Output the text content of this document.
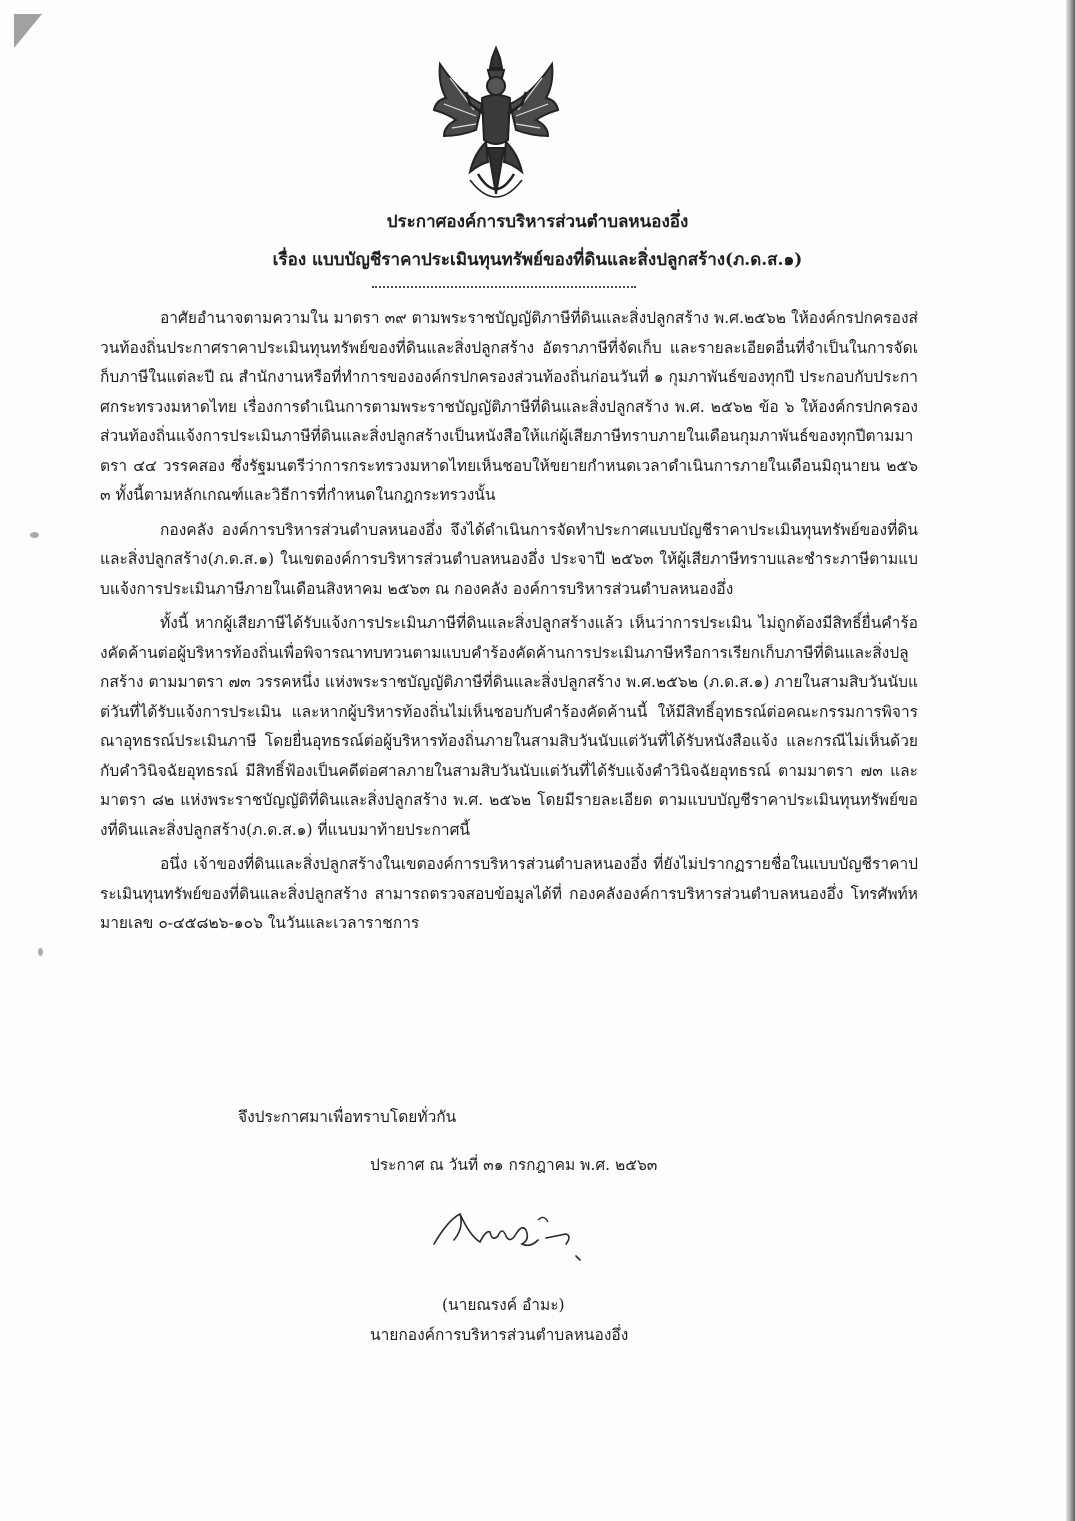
ประกาศองค์การบริหารส่วนตำบลหนองอึ่ง
เรื่อง แบบบัญชีราคาประเมินทุนทรัพย์ของที่ดินและสิ่งปลูกสร้าง(ภ.ด.ส.๑)

อาศัยอำนาจตามความใน มาตรา ๓๙ ตามพระราชบัญญัติภาษีที่ดินและสิ่งปลูกสร้าง พ.ศ.๒๕๖๒ ให้องค์กรปกครองส่วนท้องถิ่นประกาศราคาประเมินทุนทรัพย์ของที่ดินและสิ่งปลูกสร้าง อัตราภาษีที่จัดเก็บ และรายละเอียดอื่นที่จำเป็นในการจัดเก็บภาษีในแต่ละปี ณ สำนักงานหรือที่ทำการขององค์กรปกครองส่วนท้องถิ่นก่อนวันที่ ๑ กุมภาพันธ์ของทุกปี ประกอบกับประกาศกระทรวงมหาดไทย เรื่องการดำเนินการตามพระราชบัญญัติภาษีที่ดินและสิ่งปลูกสร้าง พ.ศ. ๒๕๖๒ ข้อ ๖ ให้องค์กรปกครองส่วนท้องถิ่นแจ้งการประเมินภาษีที่ดินและสิ่งปลูกสร้างเป็นหนังสือให้แก่ผู้เสียภาษีทราบภายในเดือนกุมภาพันธ์ของทุกปีตามมาตรา ๔๔ วรรคสอง ซึ่งรัฐมนตรีว่าการกระทรวงมหาดไทยเห็นชอบให้ขยายกำหนดเวลาดำเนินการภายในเดือนมิถุนายน ๒๕๖๓ ทั้งนี้ตามหลักเกณฑ์และวิธีการที่กำหนดในกฎกระทรวงนั้น

กองคลัง องค์การบริหารส่วนตำบลหนองอึ่ง จึงได้ดำเนินการจัดทำประกาศแบบบัญชีราคาประเมินทุนทรัพย์ของที่ดินและสิ่งปลูกสร้าง(ภ.ด.ส.๑) ในเขตองค์การบริหารส่วนตำบลหนองอึ่ง ประจาปี ๒๕๖๓ ให้ผู้เสียภาษีทราบและชำระภาษีตามแบบแจ้งการประเมินภาษีภายในเดือนสิงหาคม ๒๕๖๓ ณ กองคลัง องค์การบริหารส่วนตำบลหนองอึ่ง

ทั้งนี้ หากผู้เสียภาษีได้รับแจ้งการประเมินภาษีที่ดินและสิ่งปลูกสร้างแล้ว เห็นว่าการประเมิน ไม่ถูกต้องมีสิทธิ์ยื่นคำร้องคัดค้านต่อผู้บริหารท้องถิ่นเพื่อพิจารณาทบทวนตามแบบคำร้องคัดค้านการประเมินภาษีหรือการเรียกเก็บภาษีที่ดินและสิ่งปลูกสร้าง ตามมาตรา ๗๓ วรรคหนึ่ง แห่งพระราชบัญญัติภาษีที่ดินและสิ่งปลูกสร้าง พ.ศ.๒๕๖๒ (ภ.ด.ส.๑) ภายในสามสิบวันนับแต่วันที่ได้รับแจ้งการประเมิน และหากผู้บริหารท้องถิ่นไม่เห็นชอบกับคำร้องคัดค้านนี้ ให้มีสิทธิ์อุทธรณ์ต่อคณะกรรมการพิจารณาอุทธรณ์ประเมินภาษี โดยยื่นอุทธรณ์ต่อผู้บริหารท้องถิ่นภายในสามสิบวันนับแต่วันที่ได้รับหนังสือแจ้ง และกรณีไม่เห็นด้วย กับคำวินิจฉัยอุทธรณ์ มีสิทธิ์ฟ้องเป็นคดีต่อศาลภายในสามสิบวันนับแต่วันที่ได้รับแจ้งคำวินิจฉัยอุทธรณ์ ตามมาตรา ๗๓ และมาตรา ๘๒ แห่งพระราชบัญญัติที่ดินและสิ่งปลูกสร้าง พ.ศ. ๒๕๖๒ โดยมีรายละเอียด ตามแบบบัญชีราคาประเมินทุนทรัพย์ของที่ดินและสิ่งปลูกสร้าง(ภ.ด.ส.๑) ที่แนบมาท้ายประกาศนี้

อนึ่ง เจ้าของที่ดินและสิ่งปลูกสร้างในเขตองค์การบริหารส่วนตำบลหนองอึ่ง ที่ยังไม่ปรากฏรายชื่อในแบบบัญชีราคาประเมินทุนทรัพย์ของที่ดินและสิ่งปลูกสร้าง สามารถตรวจสอบข้อมูลได้ที่ กองคลังองค์การบริหารส่วนตำบลหนองอึ่ง โทรศัพท์หมายเลข ๐-๔๕๘๒๖-๑๐๖ ในวันและเวลาราชการ

จึงประกาศมาเพื่อทราบโดยทั่วกัน
ประกาศ ณ วันที่ ๓๑ กรกฎาคม พ.ศ. ๒๕๖๓
(นายณรงค์ อำมะ)
นายกองค์การบริหารส่วนตำบลหนองอึ่ง
